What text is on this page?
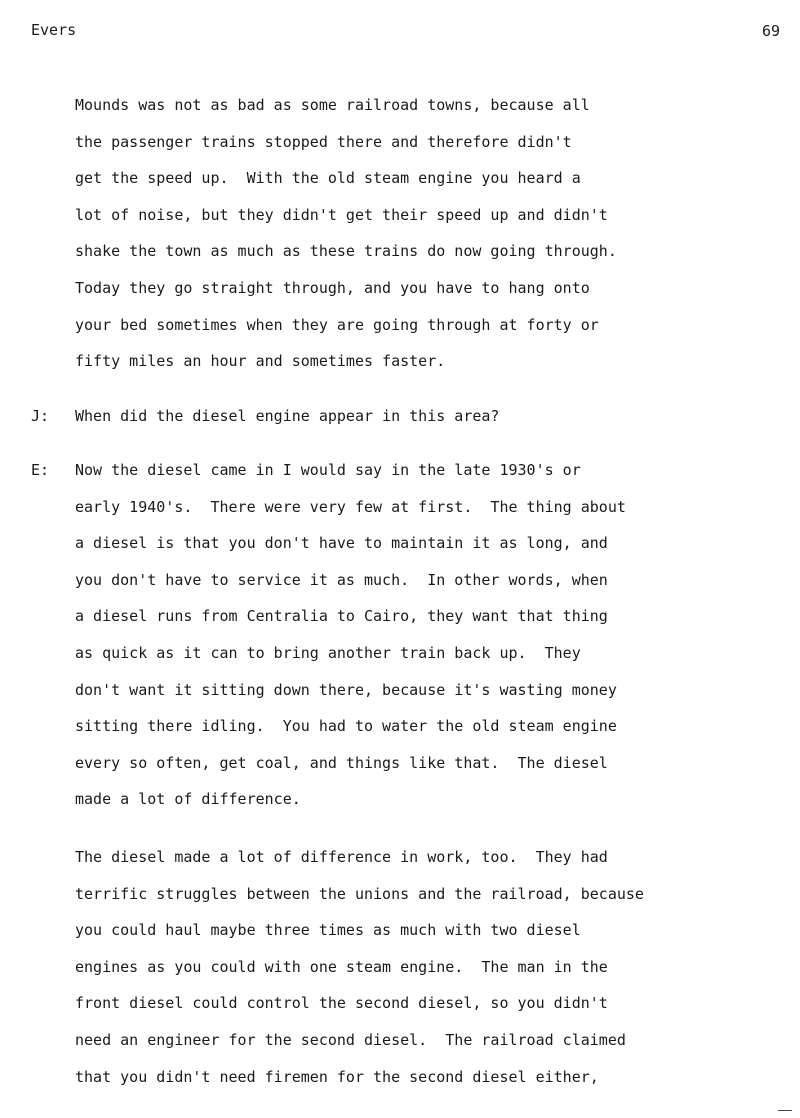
Evers	69
Mounds was not as bad as some railroad towns, because all
the passenger trains stopped there and therefore didn't
get the speed up.  With the old steam engine you heard a
lot of noise, but they didn't get their speed up and didn't
shake the town as much as these trains do now going through.
Today they go straight through, and you have to hang onto
your bed sometimes when they are going through at forty or
fifty miles an hour and sometimes faster.
J: When did the diesel engine appear in this area?
E: Now the diesel came in I would say in the late 1930's or
early 1940's.  There were very few at first.  The thing about
a diesel is that you don't have to maintain it as long, and
you don't have to service it as much.  In other words, when
a diesel runs from Centralia to Cairo, they want that thing
as quick as it can to bring another train back up.  They
don't want it sitting down there, because it's wasting money
sitting there idling.  You had to water the old steam engine
every so often, get coal, and things like that.  The diesel
made a lot of difference.
The diesel made a lot of difference in work, too.  They had
terrific struggles between the unions and the railroad, because
you could haul maybe three times as much with two diesel
engines as you could with one steam engine.  The man in the
front diesel could control the second diesel, so you didn't
need an engineer for the second diesel.  The railroad claimed
that you didn't need firemen for the second diesel either,
